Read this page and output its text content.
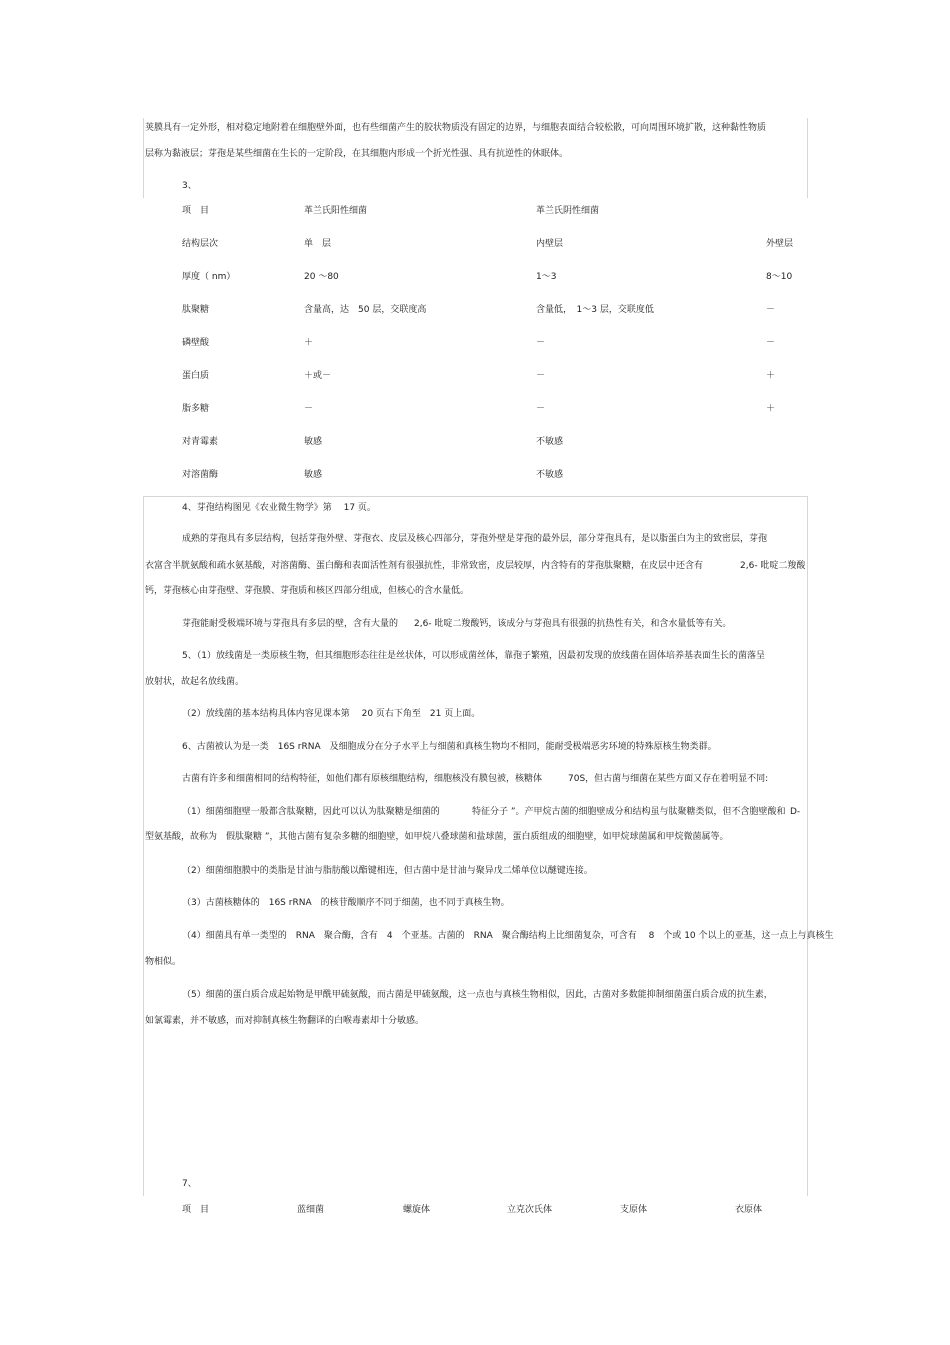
荚膜具有一定外形，相对稳定地附着在细胞壁外面，也有些细菌产生的胶状物质没有固定的边界，与细胞表面结合较松散，可向周围环境扩散，这种黏性物质
层称为黏液层；芽孢是某些细菌在生长的一定阶段，在其细胞内形成一个折光性强、具有抗逆性的休眠体。
3、
项　目	革兰氏阳性细菌	革兰氏阴性细菌
结构层次	单　层	内壁层	外壁层
厚度（ nm）	20 ～80	1～3	8～10
肽聚糖	含量高，达　50 层，交联度高	含量低，　1～3 层，交联度低	－
磷壁酸	＋	－	－
蛋白质	＋或－	－	＋
脂多糖	－	－	＋
对青霉素	敏感	不敏感
对溶菌酶	敏感	不敏感
4、芽孢结构图见《农业微生物学》第　 17 页。
成熟的芽孢具有多层结构，包括芽孢外壁、芽孢衣、皮层及核心四部分，芽孢外壁是芽孢的最外层，部分芽孢具有，是以脂蛋白为主的致密层，芽孢
衣富含半胱氨酸和疏水氨基酸，对溶菌酶、蛋白酶和表面活性剂有很强抗性，非常致密，皮层较厚，内含特有的芽孢肽聚糖，在皮层中还含有	2,6- 吡啶二羧酸
钙，芽孢核心由芽孢壁、芽孢膜、芽孢质和核区四部分组成，但核心的含水量低。
芽孢能耐受极端环境与芽孢具有多层的壁，含有大量的 2,6- 吡啶二羧酸钙，该成分与芽孢具有很强的抗热性有关，和含水量低等有关。
5、（1）放线菌是一类原核生物，但其细胞形态往往是丝状体，可以形成菌丝体，靠孢子繁殖，因最初发现的放线菌在固体培养基表面生长的菌落呈
放射状，故起名放线菌。
（2）放线菌的基本结构具体内容见课本第　 20 页右下角至　21 页上面。
6、古菌被认为是一类　16S rRNA　及细胞成分在分子水平上与细菌和真核生物均不相同，能耐受极端恶劣环境的特殊原核生物类群。
古菌有许多和细菌相同的结构特征，如他们都有原核细胞结构，细胞核没有膜包被，核糖体	70S，但古菌与细菌在某些方面又存在着明显不同:
（1）细菌细胞壁一般都含肽聚糖，因此可以认为肽聚糖是细菌的	特征分子 ”。产甲烷古菌的细胞壁成分和结构虽与肽聚糖类似，但不含胞壁酸和 D-
型氨基酸，故称为　假肽聚糖 ”，其他古菌有复杂多糖的细胞壁，如甲烷八叠球菌和盐球菌，蛋白质组成的细胞壁，如甲烷球菌属和甲烷微菌属等。
（2）细菌细胞膜中的类脂是甘油与脂肪酸以酯键相连，但古菌中是甘油与聚异戊二烯单位以醚键连接。
（3）古菌核糖体的　16S rRNA　的核苷酸顺序不同于细菌，也不同于真核生物。
（4）细菌具有单一类型的　RNA　聚合酶，含有　4　个亚基。古菌的　RNA　聚合酶结构上比细菌复杂，可含有　 8　个或 10 个以上的亚基，这一点上与真核生
物相似。
（5）细菌的蛋白质合成起始物是甲酰甲硫氨酸，而古菌是甲硫氨酸，这一点也与真核生物相似，因此，古菌对多数能抑制细菌蛋白质合成的抗生素，
如氯霉素，并不敏感，而对抑制真核生物翻译的白喉毒素却十分敏感。
7、
项　目	蓝细菌	螺旋体	立克次氏体	支原体	衣原体
